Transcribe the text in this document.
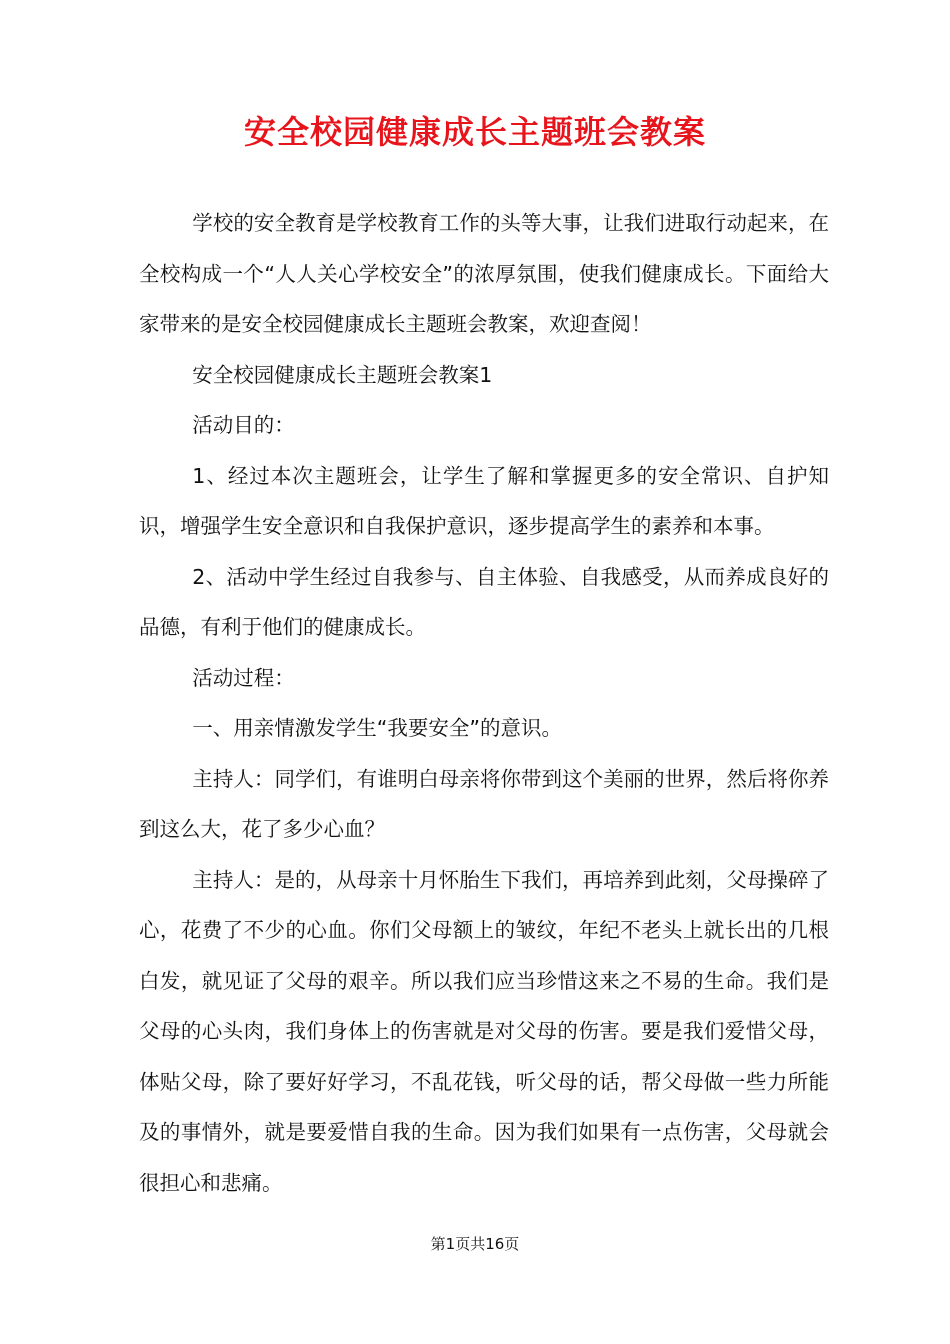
安全校园健康成长主题班会教案

学校的安全教育是学校教育工作的头等大事，让我们进取行动起来，在全校构成一个“人人关心学校安全”的浓厚氛围，使我们健康成长。下面给大家带来的是安全校园健康成长主题班会教案，欢迎查阅！

安全校园健康成长主题班会教案1

活动目的：

1、经过本次主题班会，让学生了解和掌握更多的安全常识、自护知识，增强学生安全意识和自我保护意识，逐步提高学生的素养和本事。

2、活动中学生经过自我参与、自主体验、自我感受，从而养成良好的品德，有利于他们的健康成长。

活动过程：

一、用亲情激发学生“我要安全”的意识。

主持人：同学们，有谁明白母亲将你带到这个美丽的世界，然后将你养到这么大，花了多少心血？

主持人：是的，从母亲十月怀胎生下我们，再培养到此刻，父母操碎了心，花费了不少的心血。你们父母额上的皱纹，年纪不老头上就长出的几根白发，就见证了父母的艰辛。所以我们应当珍惜这来之不易的生命。我们是父母的心头肉，我们身体上的伤害就是对父母的伤害。要是我们爱惜父母，体贴父母，除了要好好学习，不乱花钱，听父母的话，帮父母做一些力所能及的事情外，就是要爱惜自我的生命。因为我们如果有一点伤害，父母就会很担心和悲痛。

第1页共16页
